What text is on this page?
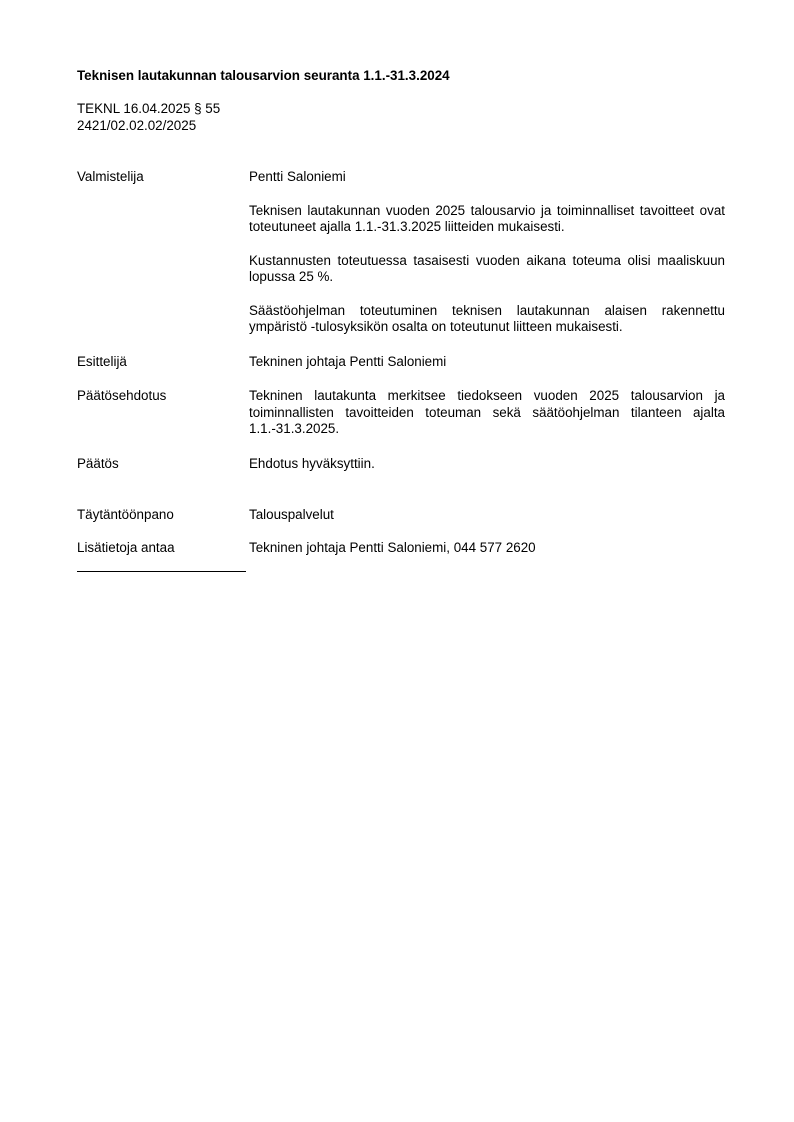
Teknisen lautakunnan talousarvion seuranta 1.1.-31.3.2024
TEKNL 16.04.2025 § 55
2421/02.02.02/2025
Valmistelija	Pentti Saloniemi

Teknisen lautakunnan vuoden 2025 talousarvio ja toiminnalliset tavoitteet ovat toteutuneet ajalla 1.1.-31.3.2025 liitteiden mukaisesti.

Kustannusten toteutuessa tasaisesti vuoden aikana toteuma olisi maaliskuun lopussa 25 %.

Säästöohjelman toteutuminen teknisen lautakunnan alaisen rakennettu ympäristö -tulosyksikön osalta on toteutunut liitteen mukaisesti.

Esittelijä	Tekninen johtaja Pentti Saloniemi

Päätösehdotus	Tekninen lautakunta merkitsee tiedokseen vuoden 2025 talousarvion ja toiminnallisten tavoitteiden toteuman sekä säätöohjelman tilanteen ajalta 1.1.-31.3.2025.

Päätös	Ehdotus hyväksyttiin.

Täytäntöönpano	Talouspalvelut

Lisätietoja antaa	Tekninen johtaja Pentti Saloniemi, 044 577 2620
